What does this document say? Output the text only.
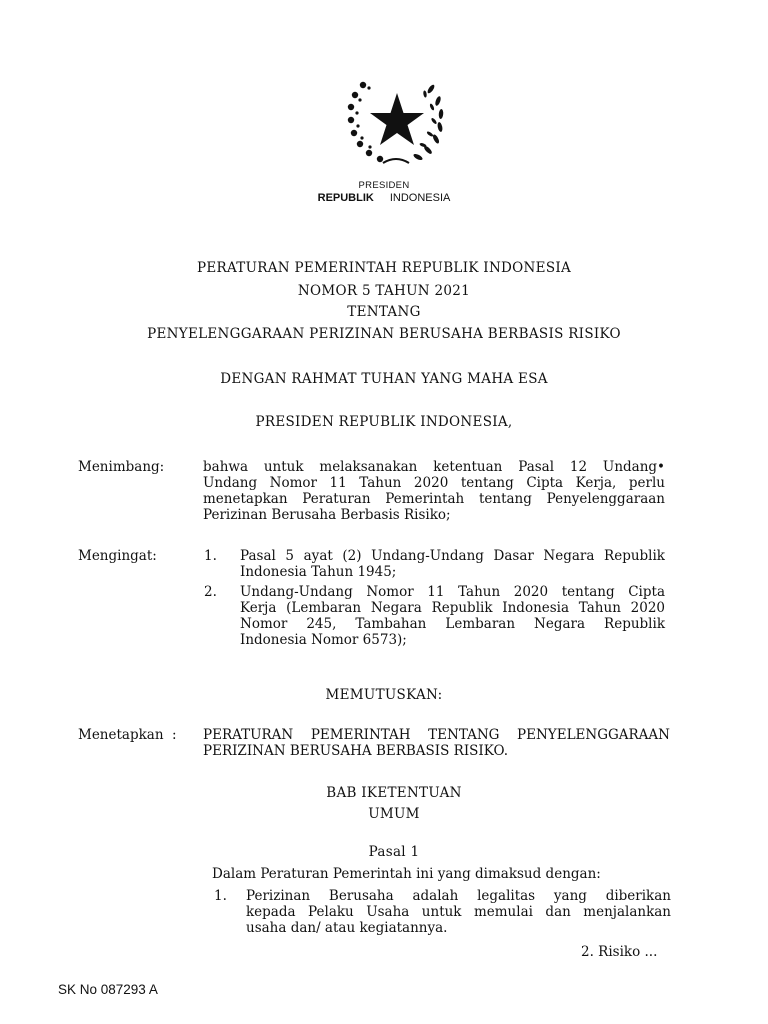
PRESIDEN
REPUBLIK INDONESIA
PERATURAN PEMERINTAH REPUBLIK INDONESIA
NOMOR 5 TAHUN 2021
TENTANG
PENYELENGGARAAN PERIZINAN BERUSAHA BERBASIS RISIKO
DENGAN RAHMAT TUHAN YANG MAHA ESA
PRESIDEN REPUBLIK INDONESIA,
Menimbang:	bahwa untuk melaksanakan ketentuan Pasal 12 Undang•
Undang Nomor 11 Tahun 2020 tentang Cipta Kerja, perlu
menetapkan Peraturan Pemerintah tentang Penyelenggaraan
Perizinan Berusaha Berbasis Risiko;
Mengingat:	1. Pasal 5 ayat (2) Undang-Undang Dasar Negara Republik
Indonesia Tahun 1945;
2. Undang-Undang Nomor 11 Tahun 2020 tentang Cipta
Kerja (Lembaran Negara Republik Indonesia Tahun 2020
Nomor 245, Tambahan Lembaran Negara Republik
Indonesia Nomor 6573);
MEMUTUSKAN:
Menetapkan : PERATURAN PEMERINTAH TENTANG PENYELENGGARAAN
PERIZINAN BERUSAHA BERBASIS RISIKO.
BAB ΙKETENTUAN
UMUM
Pasal 1
Dalam Peraturan Pemerintah ini yang dimaksud dengan:
1. Perizinan Berusaha adalah legalitas yang diberikan
kepada Pelaku Usaha untuk memulai dan menjalankan
usaha dan/ atau kegiatannya.
2. Risiko ...
SK No 087293 A
